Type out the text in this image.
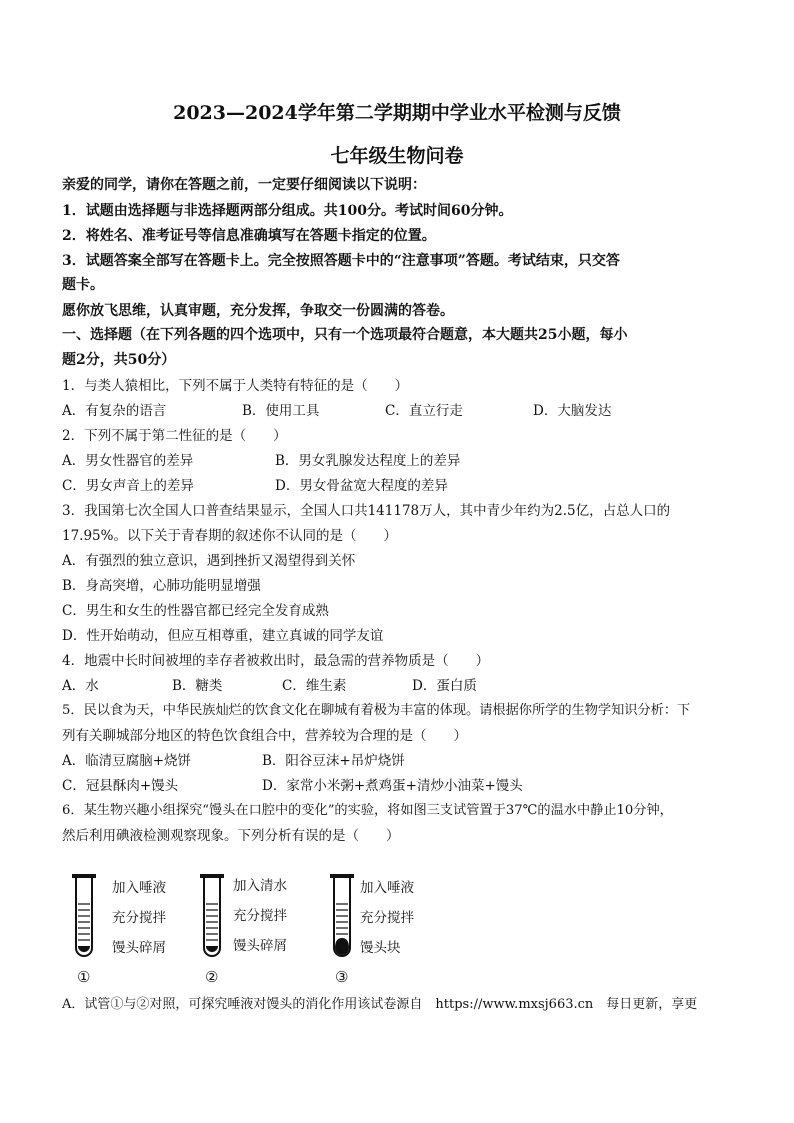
2023—2024学年第二学期期中学业水平检测与反馈
七年级生物问卷
亲爱的同学，请你在答题之前，一定要仔细阅读以下说明：
1．试题由选择题与非选择题两部分组成。共100分。考试时间60分钟。
2．将姓名、准考证号等信息准确填写在答题卡指定的位置。
3．试题答案全部写在答题卡上。完全按照答题卡中的“注意事项”答题。考试结束，只交答
题卡。
愿你放飞思维，认真审题，充分发挥，争取交一份圆满的答卷。
一、选择题（在下列各题的四个选项中，只有一个选项最符合题意，本大题共25小题，每小
题2分，共50分）
1．与类人猿相比，下列不属于人类特有特征的是（　　）
A．有复杂的语言	B．使用工具	C．直立行走	D．大脑发达
2．下列不属于第二性征的是（　　）
A．男女性器官的差异	B．男女乳腺发达程度上的差异
C．男女声音上的差异	D．男女骨盆宽大程度的差异
3．我国第七次全国人口普查结果显示，全国人口共141178万人，其中青少年约为2.5亿，占总人口的
17.95%。以下关于青春期的叙述你不认同的是（　　）
A．有强烈的独立意识，遇到挫折又渴望得到关怀
B．身高突增，心肺功能明显增强
C．男生和女生的性器官都已经完全发育成熟
D．性开始萌动，但应互相尊重，建立真诚的同学友谊
4．地震中长时间被埋的幸存者被救出时，最急需的营养物质是（　　）
A．水	B．糖类	C．维生素	D．蛋白质
5．民以食为天，中华民族灿烂的饮食文化在聊城有着极为丰富的体现。请根据你所学的生物学知识分析：下
列有关聊城部分地区的特色饮食组合中，营养较为合理的是（　　）
A．临清豆腐脑+烧饼	B．阳谷豆沫+吊炉烧饼
C．冠县酥肉+馒头	D．家常小米粥+煮鸡蛋+清炒小油菜+馒头
6．某生物兴趣小组探究“馒头在口腔中的变化”的实验，将如图三支试管置于37℃的温水中静止10分钟，
然后利用碘液检测观察现象。下列分析有误的是（　　）
加入唾液
充分搅拌
馒头碎屑
①
加入清水
充分搅拌
馒头碎屑
②
加入唾液
充分搅拌
馒头块
③
A．试管①与②对照，可探究唾液对馒头的消化作用该试卷源自　https://www.mxsj663.cn　每日更新，享更
